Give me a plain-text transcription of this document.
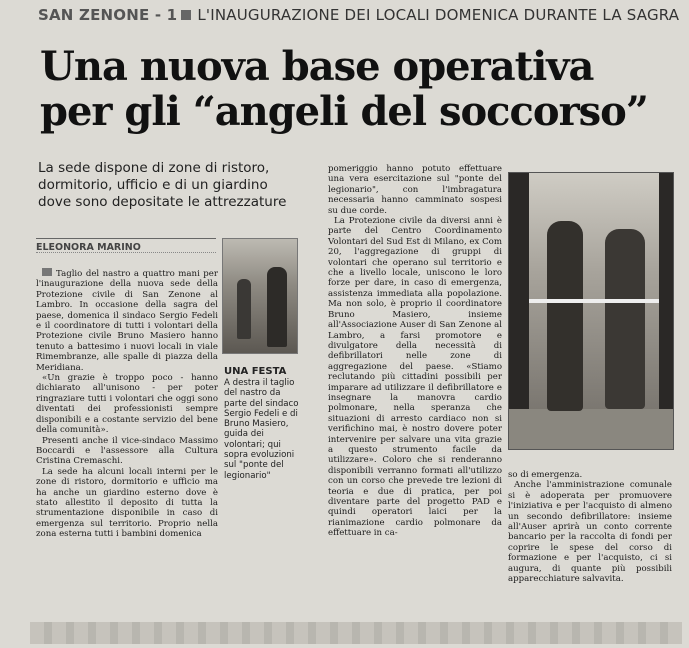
SAN ZENONE - 1 L'INAUGURAZIONE DEI LOCALI DOMENICA DURANTE LA SAGRA
Una nuova base operativa
per gli “angeli del soccorso”
La sede dispone di zone di ristoro, dormitorio, ufficio e di un giardino dove sono depositate le attrezzature
ELEONORA MARINO

Taglio del nastro a quattro mani per l'inaugurazione della nuova sede della Protezione civile di San Zenone al Lambro. In occasione della sagra del paese, domenica il sindaco Sergio Fedeli e il coordinatore di tutti i volontari della Protezione civile Bruno Masiero hanno tenuto a battesimo i nuovi locali in viale Rimembranze, alle spalle di piazza della Meridiana.

«Un grazie è troppo poco - hanno dichiarato all'unisono - per poter ringraziare tutti i volontari che oggi sono diventati dei professionisti sempre disponibili e a costante servizio del bene della comunità».

Presenti anche il vice-sindaco Massimo Boccardi e l'assessore alla Cultura Cristina Cremaschi.

La sede ha alcuni locali interni per le zone di ristoro, dormitorio e ufficio ma ha anche un giardino esterno dove è stato allestito il deposito di tutta la strumentazione disponibile in caso di emergenza sul territorio. Proprio nella zona esterna tutti i bambini domenica

UNA FESTA
A destra il taglio del nastro da parte del sindaco Sergio Fedeli e di Bruno Masiero, guida dei volontari; qui sopra evoluzioni sul "ponte del legionario"

pomeriggio hanno potuto effettuare una vera esercitazione sul "ponte del legionario", con l'imbragatura necessaria hanno camminato sospesi su due corde.

La Protezione civile da diversi anni è parte del Centro Coordinamento Volontari del Sud Est di Milano, ex Com 20, l'aggregazione di gruppi di volontari che operano sul territorio e che a livello locale, uniscono le loro forze per dare, in caso di emergenza, assistenza immediata alla popolazione. Ma non solo, è proprio il coordinatore Bruno Masiero, insieme all'Associazione Auser di San Zenone al Lambro, a farsi promotore e divulgatore della necessità di defibrillatori nelle zone di aggregazione del paese. «Stiamo reclutando più cittadini possibili per imparare ad utilizzare il defibrillatore e insegnare la manovra cardio polmonare, nella speranza che situazioni di arresto cardiaco non si verifichino mai, è nostro dovere poter intervenire per salvare una vita grazie a questo strumento facile da utilizzare». Coloro che si renderanno disponibili verranno formati all'utilizzo con un corso che prevede tre lezioni di teoria e due di pratica, per poi diventare parte del progetto PAD e quindi operatori laici per la rianimazione cardio polmonare da effettuare in ca-

so di emergenza.

Anche l'amministrazione comunale si è adoperata per promuovere l'iniziativa e per l'acquisto di almeno un secondo defibrillatore: insieme all'Auser aprirà un conto corrente bancario per la raccolta di fondi per coprire le spese del corso di formazione e per l'acquisto, ci si augura, di quante più possibili apparecchiature salvavita.
